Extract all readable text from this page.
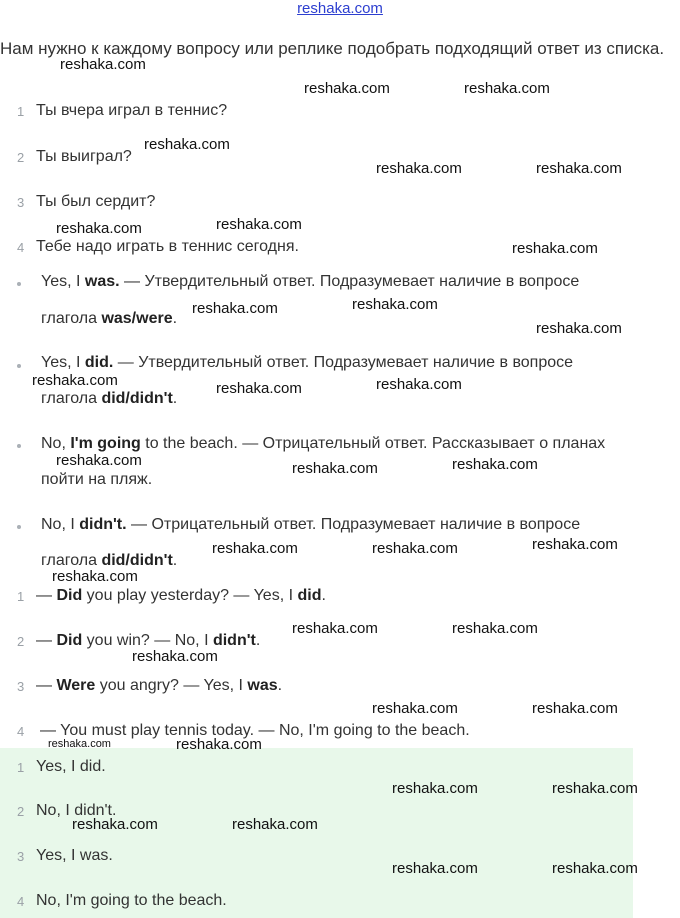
reshaka.com
Нам нужно к каждому вопросу или реплике подобрать подходящий ответ из списка.
1 Ты вчера играл в теннис?
2 Ты выиграл?
3 Ты был сердит?
4 Тебе надо играть в теннис сегодня.
Yes, I was. — Утвердительный ответ. Подразумевает наличие в вопросе
глагола was/were.
Yes, I did. — Утвердительный ответ. Подразумевает наличие в вопросе
глагола did/didn't.
No, I'm going to the beach. — Отрицательный ответ. Рассказывает о планах
пойти на пляж.
No, I didn't. — Отрицательный ответ. Подразумевает наличие в вопросе
глагола did/didn't.
1 — Did you play yesterday? — Yes, I did.
2 — Did you win? — No, I didn't.
3 — Were you angry? — Yes, I was.
4 — You must play tennis today. — No, I'm going to the beach.
1 Yes, I did.
2 No, I didn't.
3 Yes, I was.
4 No, I'm going to the beach.
reshaka.com
reshaka.com	reshaka.com
reshaka.com
reshaka.com	reshaka.com
reshaka.com
reshaka.com
reshaka.com
reshaka.com
reshaka.com
reshaka.com
reshaka.com	reshaka.com
reshaka.com
reshaka.com	reshaka.com
reshaka.com
reshaka.com
reshaka.com	reshaka.com
reshaka.com
reshaka.com	reshaka.com
reshaka.com
reshaka.com	reshaka.com
reshaka.com	reshaka.com
reshaka.com	reshaka.com
reshaka.com	reshaka.com
reshaka.com	reshaka.com
